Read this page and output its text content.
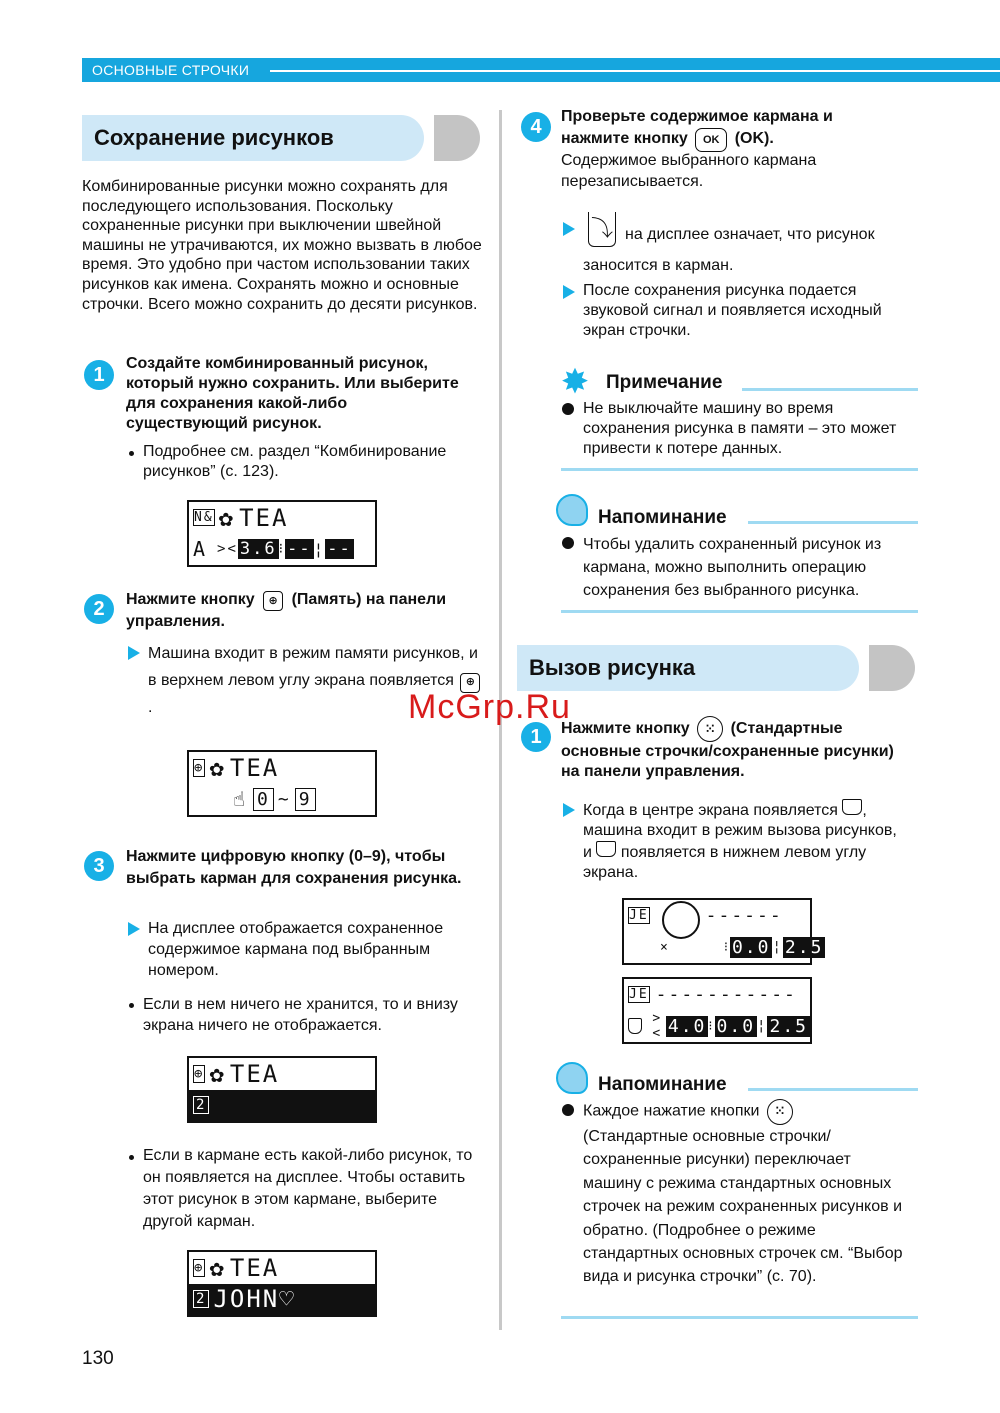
ОСНОВНЫЕ СТРОЧКИ
Сохранение рисунков
Комбинированные рисунки можно сохранять для последующего использования. Поскольку сохраненные рисунки при выключении швейной машины не утрачиваются, их можно вызвать в любое время. Это удобно при частом использовании таких рисунков как имена. Сохранять можно и основные строчки. Всего можно сохранить до десяти рисунков.
1	Создайте комбинированный рисунок, который нужно сохранить. Или выберите для сохранения какой-либо существующий рисунок.
Подробнее см. раздел “Комбинирование рисунков” (с. 123).
N& ✿ TEA
A >< 3.6 ⁝ -- ¦ --
2	Нажмите кнопку ⊕ (Память) на панели управления.
Машина входит в режим памяти рисунков, и в верхнем левом углу экрана появляется ⊕.
⊕ ✿ TEA
☝ 0 ~ 9
3	Нажмите цифровую кнопку (0–9), чтобы выбрать карман для сохранения рисунка.
На дисплее отображается сохраненное содержимое кармана под выбранным номером.
Если в нем ничего не хранится, то и внизу экрана ничего не отображается.
⊕ ✿ TEA
2
Если в кармане есть какой-либо рисунок, то он появляется на дисплее. Чтобы оставить этот рисунок в этом кармане, выберите другой карман.
⊕ ✿ TEA
2 JOHN ♡
130
4	Проверьте содержимое кармана и нажмите кнопку OK (OK).
Содержимое выбранного кармана перезаписывается.
⤵ на дисплее означает, что рисунок заносится в карман.
После сохранения рисунка подается звуковой сигнал и появляется исходный экран строчки.
✸ Примечание
Не выключайте машину во время сохранения рисунка в памяти – это может привести к потере данных.
Напоминание
Чтобы удалить сохраненный рисунок из кармана, можно выполнить операцию сохранения без выбранного рисунка.
Вызов рисунка
1	Нажмите кнопку ⁙ (Стандартные основные строчки/сохраненные рисунки) на панели управления.
Когда в центре экрана появляется , машина входит в режим вызова рисунков, и появляется в нижнем левом углу экрана.
JE	------
×	⁝ 0.0 ¦ 2.5
JE -----------
>< 4.0 ⁝ 0.0 ¦ 2.5
Напоминание
Каждое нажатие кнопки ⁙ (Стандартные основные строчки/ сохраненные рисунки) переключает машину с режима стандартных основных строчек на режим сохраненных рисунков и обратно. (Подробнее о режиме стандартных основных строчек см. “Выбор вида и рисунка строчки” (с. 70).
McGrp.Ru
